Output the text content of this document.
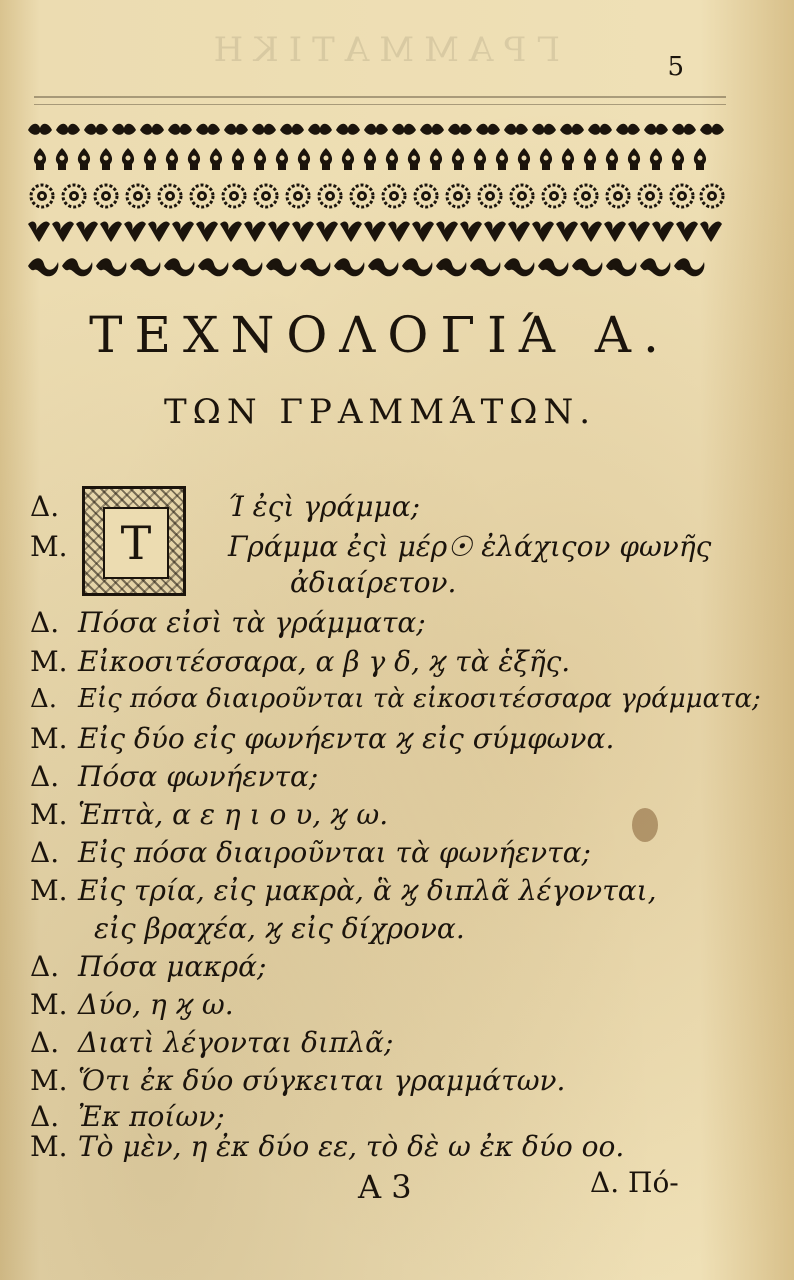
ΓΡΑΜΜΑΤΙΚΗ	5
ΤΕΧΝΟΛΟΓΙΆ Α.
ΤΩΝ ΓΡΑΜΜΆΤΩΝ.
T
Δ.	Ί ἐςὶ γράμμα;
Μ.	Γράμμα ἐςὶ μέρ☉ ἐλάχιςον φωνῆς
ἀδιαίρετον.
Δ. Πόσα εἰσὶ τὰ γράμματα;
Μ. Εἰκοσιτέσσαρα, α β γ δ, ϗ τὰ ἑξῆς.
Δ. Εἰς πόσα διαιροῦνται τὰ εἰκοσιτέσσαρα γράμματα;
Μ. Εἰς δύο εἰς φωνήεντα ϗ εἰς σύμφωνα.
Δ. Πόσα φωνήεντα;
Μ. Ἑπτὰ, α ε η ι ο υ, ϗ ω.
Δ. Εἰς πόσα διαιροῦνται τὰ φωνήεντα;
Μ. Εἰς τρία, εἰς μακρὰ, ἃ ϗ διπλᾶ λέγονται,
εἰς βραχέα, ϗ εἰς δίχρονα.
Δ. Πόσα μακρά;
Μ. Δύο, η ϗ ω.
Δ. Διατὶ λέγονται διπλᾶ;
Μ. Ὅτι ἐκ δύο σύγκειται γραμμάτων.
Δ. Ἐκ ποίων;
Μ. Τὸ μὲν, η ἐκ δύο εε, τὸ δὲ ω ἐκ δύο οο.
A 3	Δ. Πό-
